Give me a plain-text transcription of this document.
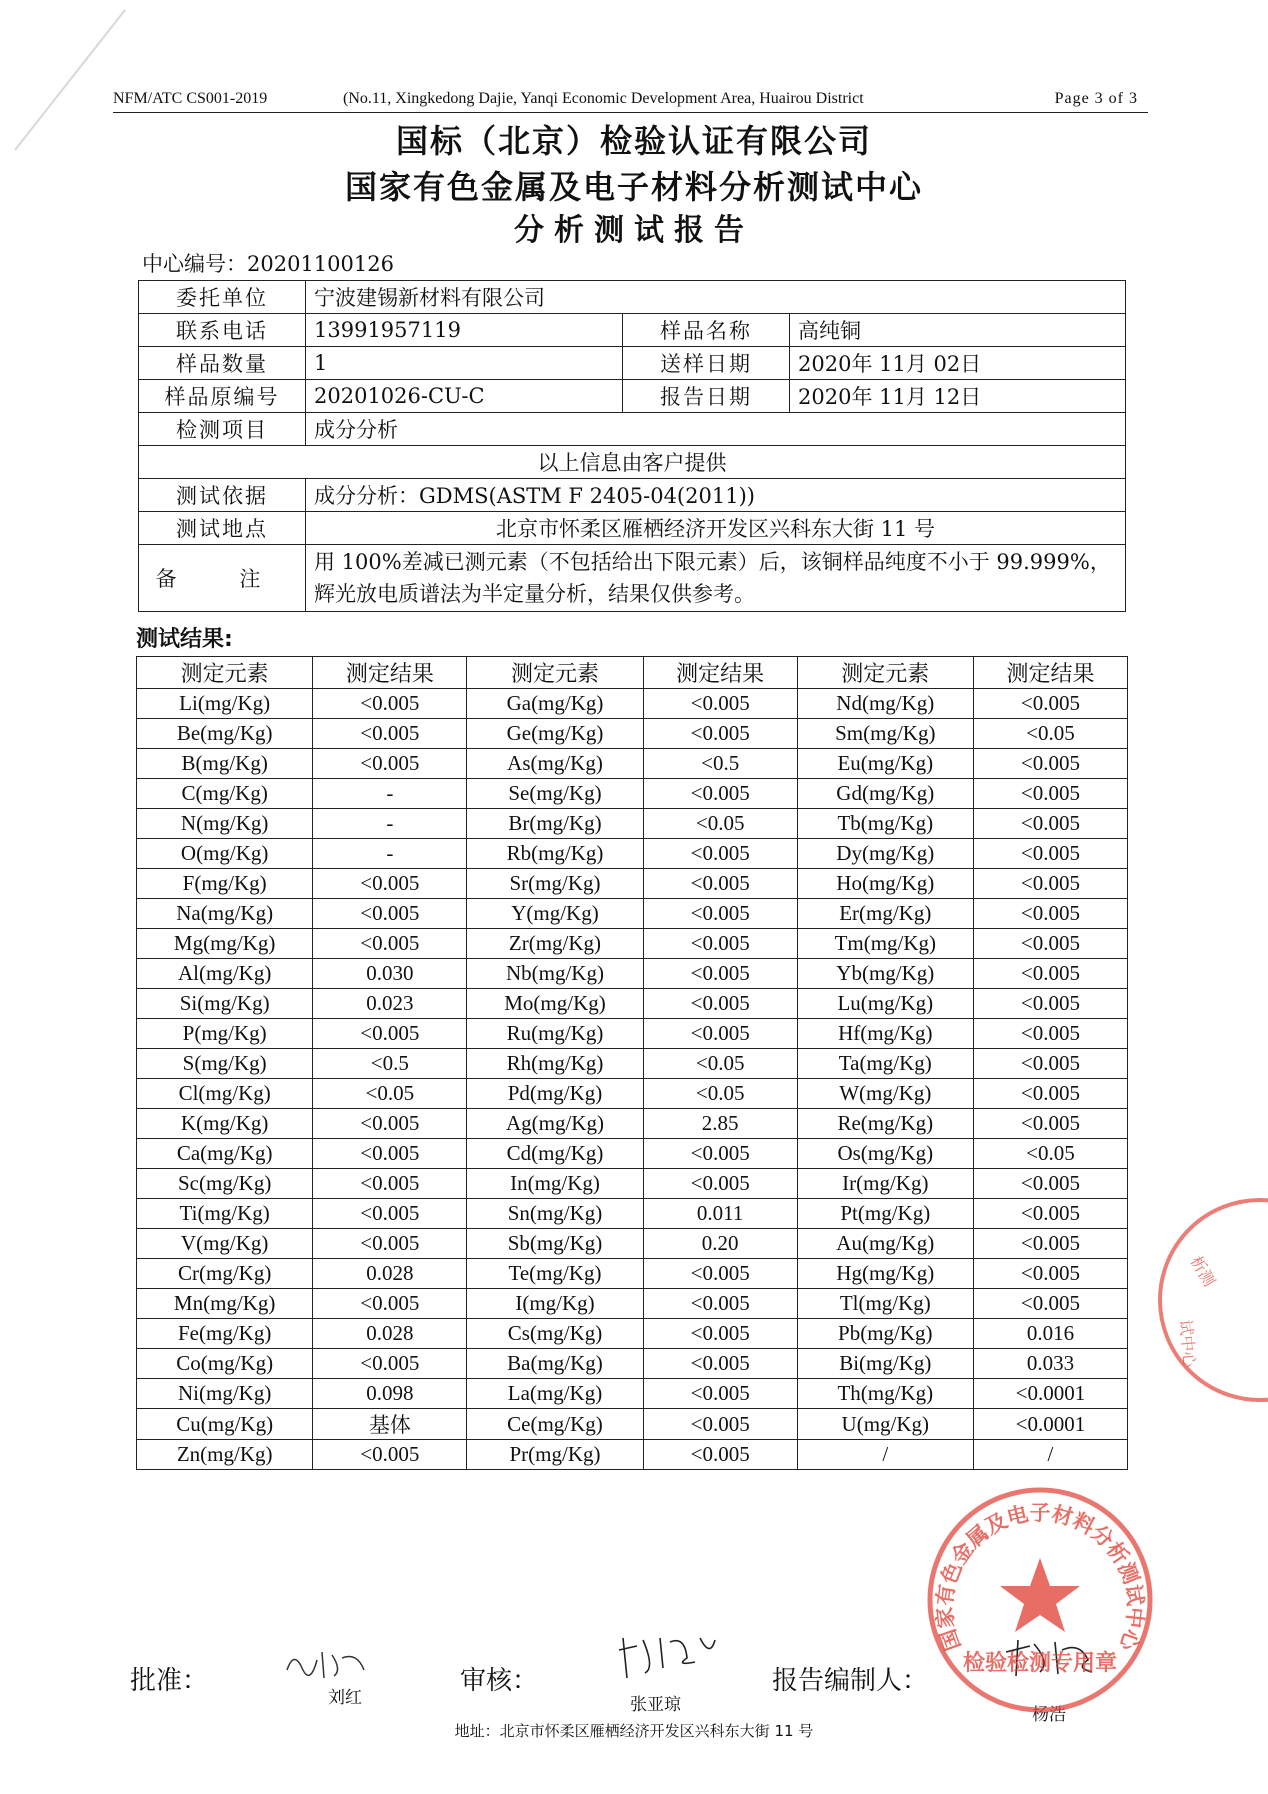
NFM/ATC CS001-2019	(No.11, Xingkedong Dajie, Yanqi Economic Development Area, Huairou District	Page 3 of 3
国标（北京）检验认证有限公司
国家有色金属及电子材料分析测试中心
分析测试报告
中心编号：20201100126
委托单位	宁波建锡新材料有限公司		
联系电话	13991957119	样品名称	高纯铜
样品数量	1	送样日期	2020年 11月 02日
样品原编号	20201026-CU-C	报告日期	2020年 11月 12日
检测项目	成分分析		
以上信息由客户提供			
测试依据	成分分析：GDMS(ASTM F 2405-04(2011))		
测试地点	北京市怀柔区雁栖经济开发区兴科东大街 11 号		
备 注	用 100%差减已测元素（不包括给出下限元素）后，该铜样品纯度不小于 99.999%，辉光放电质谱法为半定量分析，结果仅供参考。		
测试结果:
测定元素	测定结果	测定元素	测定结果	测定元素	测定结果
Li(mg/Kg)	<0.005	Ga(mg/Kg)	<0.005	Nd(mg/Kg)	<0.005
Be(mg/Kg)	<0.005	Ge(mg/Kg)	<0.005	Sm(mg/Kg)	<0.05
B(mg/Kg)	<0.005	As(mg/Kg)	<0.5	Eu(mg/Kg)	<0.005
C(mg/Kg)	-	Se(mg/Kg)	<0.005	Gd(mg/Kg)	<0.005
N(mg/Kg)	-	Br(mg/Kg)	<0.05	Tb(mg/Kg)	<0.005
O(mg/Kg)	-	Rb(mg/Kg)	<0.005	Dy(mg/Kg)	<0.005
F(mg/Kg)	<0.005	Sr(mg/Kg)	<0.005	Ho(mg/Kg)	<0.005
Na(mg/Kg)	<0.005	Y(mg/Kg)	<0.005	Er(mg/Kg)	<0.005
Mg(mg/Kg)	<0.005	Zr(mg/Kg)	<0.005	Tm(mg/Kg)	<0.005
Al(mg/Kg)	0.030	Nb(mg/Kg)	<0.005	Yb(mg/Kg)	<0.005
Si(mg/Kg)	0.023	Mo(mg/Kg)	<0.005	Lu(mg/Kg)	<0.005
P(mg/Kg)	<0.005	Ru(mg/Kg)	<0.005	Hf(mg/Kg)	<0.005
S(mg/Kg)	<0.5	Rh(mg/Kg)	<0.05	Ta(mg/Kg)	<0.005
Cl(mg/Kg)	<0.05	Pd(mg/Kg)	<0.05	W(mg/Kg)	<0.005
K(mg/Kg)	<0.005	Ag(mg/Kg)	2.85	Re(mg/Kg)	<0.005
Ca(mg/Kg)	<0.005	Cd(mg/Kg)	<0.005	Os(mg/Kg)	<0.05
Sc(mg/Kg)	<0.005	In(mg/Kg)	<0.005	Ir(mg/Kg)	<0.005
Ti(mg/Kg)	<0.005	Sn(mg/Kg)	0.011	Pt(mg/Kg)	<0.005
V(mg/Kg)	<0.005	Sb(mg/Kg)	0.20	Au(mg/Kg)	<0.005
Cr(mg/Kg)	0.028	Te(mg/Kg)	<0.005	Hg(mg/Kg)	<0.005
Mn(mg/Kg)	<0.005	I(mg/Kg)	<0.005	Tl(mg/Kg)	<0.005
Fe(mg/Kg)	0.028	Cs(mg/Kg)	<0.005	Pb(mg/Kg)	0.016
Co(mg/Kg)	<0.005	Ba(mg/Kg)	<0.005	Bi(mg/Kg)	0.033
Ni(mg/Kg)	0.098	La(mg/Kg)	<0.005	Th(mg/Kg)	<0.0001
Cu(mg/Kg)	基体	Ce(mg/Kg)	<0.005	U(mg/Kg)	<0.0001
Zn(mg/Kg)	<0.005	Pr(mg/Kg)	<0.005	/	/
批准：
刘红
审核：
张亚琼
报告编制人：
杨浩
国家有色金属及电子材料分析测试中心
检验检测专用章
析测
试中心
地址：北京市怀柔区雁栖经济开发区兴科东大街 11 号
